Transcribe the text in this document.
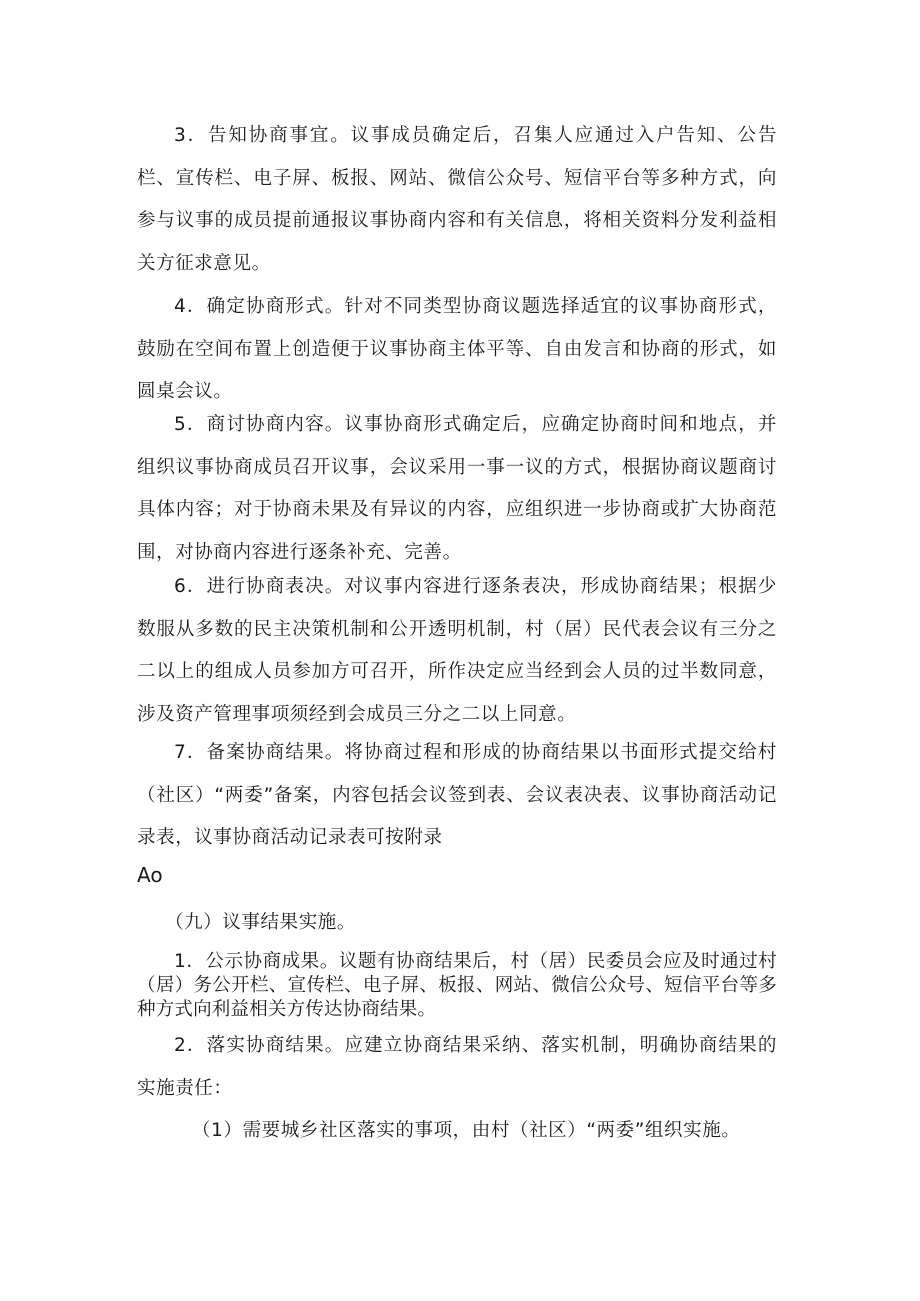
3．告知协商事宜。议事成员确定后，召集人应通过入户告知、公告栏、宣传栏、电子屏、板报、网站、微信公众号、短信平台等多种方式，向参与议事的成员提前通报议事协商内容和有关信息，将相关资料分发利益相关方征求意见。

4．确定协商形式。针对不同类型协商议题选择适宜的议事协商形式，鼓励在空间布置上创造便于议事协商主体平等、自由发言和协商的形式，如圆桌会议。

5．商讨协商内容。议事协商形式确定后，应确定协商时间和地点，并组织议事协商成员召开议事，会议采用一事一议的方式，根据协商议题商讨具体内容；对于协商未果及有异议的内容，应组织进一步协商或扩大协商范围，对协商内容进行逐条补充、完善。

6．进行协商表决。对议事内容进行逐条表决，形成协商结果；根据少数服从多数的民主决策机制和公开透明机制，村（居）民代表会议有三分之二以上的组成人员参加方可召开，所作决定应当经到会人员的过半数同意，涉及资产管理事项须经到会成员三分之二以上同意。

7．备案协商结果。将协商过程和形成的协商结果以书面形式提交给村（社区）“两委”备案，内容包括会议签到表、会议表决表、议事协商活动记录表，议事协商活动记录表可按附录

Ao

（九）议事结果实施。

1．公示协商成果。议题有协商结果后，村（居）民委员会应及时通过村（居）务公开栏、宣传栏、电子屏、板报、网站、微信公众号、短信平台等多种方式向利益相关方传达协商结果。

2．落实协商结果。应建立协商结果采纳、落实机制，明确协商结果的实施责任：

（1）需要城乡社区落实的事项，由村（社区）“两委”组织实施。
